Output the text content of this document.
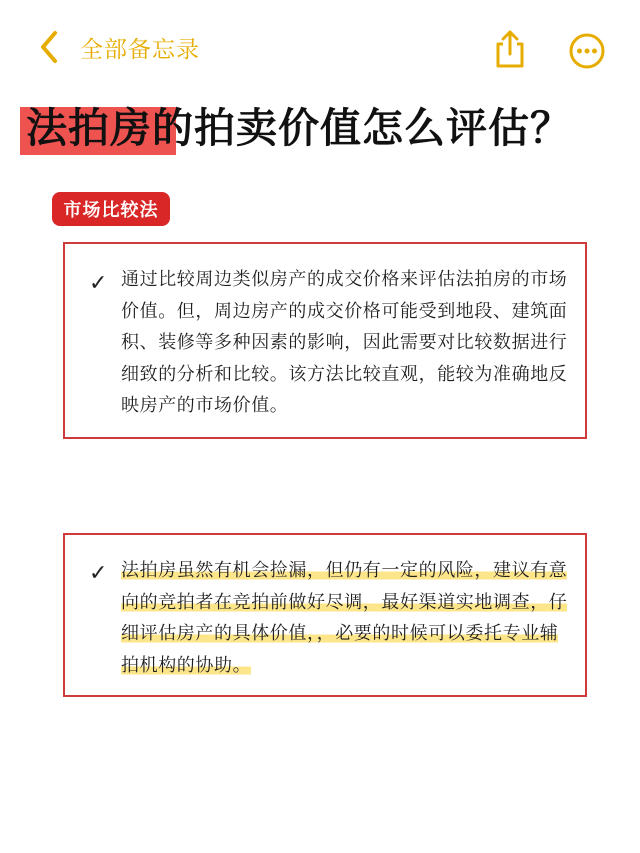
全部备忘录
法拍房的拍卖价值怎么评估？
市场比较法
✓ 通过比较周边类似房产的成交价格来评估法拍房的市场价值。但，周边房产的成交价格可能受到地段、建筑面积、装修等多种因素的影响，因此需要对比较数据进行细致的分析和比较。该方法比较直观，能较为准确地反映房产的市场价值。

✓ 法拍房虽然有机会捡漏，但仍有一定的风险，建议有意向的竞拍者在竞拍前做好尽调，最好渠道实地调查，仔细评估房产的具体价值，，必要的时候可以委托专业辅拍机构的协助。
